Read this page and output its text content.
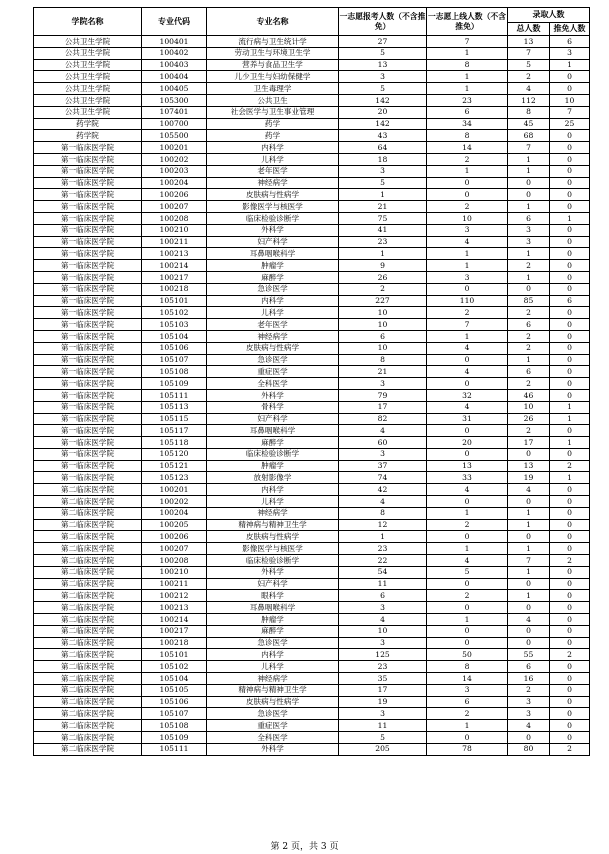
学院名称	专业代码	专业名称	一志愿报考人数（不含推免）	一志愿上线人数（不含推免）	录取人数	
					总人数	推免人数
公共卫生学院	100401	流行病与卫生统计学	27	7	13	6
公共卫生学院	100402	劳动卫生与环境卫生学	5	1	7	3
公共卫生学院	100403	营养与食品卫生学	13	8	5	1
公共卫生学院	100404	儿少卫生与妇幼保健学	3	1	2	0
公共卫生学院	100405	卫生毒理学	5	1	4	0
公共卫生学院	105300	公共卫生	142	23	112	10
公共卫生学院	107401	社会医学与卫生事业管理	20	6	8	7
药学院	100700	药学	142	34	45	25
药学院	105500	药学	43	8	68	0
第一临床医学院	100201	内科学	64	14	7	0
第一临床医学院	100202	儿科学	18	2	1	0
第一临床医学院	100203	老年医学	3	1	1	0
第一临床医学院	100204	神经病学	5	0	0	0
第一临床医学院	100206	皮肤病与性病学	1	0	0	0
第一临床医学院	100207	影像医学与核医学	21	2	1	0
第一临床医学院	100208	临床检验诊断学	75	10	6	1
第一临床医学院	100210	外科学	41	3	3	0
第一临床医学院	100211	妇产科学	23	4	3	0
第一临床医学院	100213	耳鼻咽喉科学	1	1	1	0
第一临床医学院	100214	肿瘤学	9	1	2	0
第一临床医学院	100217	麻醉学	26	3	1	0
第一临床医学院	100218	急诊医学	2	0	0	0
第一临床医学院	105101	内科学	227	110	85	6
第一临床医学院	105102	儿科学	10	2	2	0
第一临床医学院	105103	老年医学	10	7	6	0
第一临床医学院	105104	神经病学	6	1	2	0
第一临床医学院	105106	皮肤病与性病学	10	4	2	0
第一临床医学院	105107	急诊医学	8	0	1	0
第一临床医学院	105108	重症医学	21	4	6	0
第一临床医学院	105109	全科医学	3	0	2	0
第一临床医学院	105111	外科学	79	32	46	0
第一临床医学院	105113	骨科学	17	4	10	1
第一临床医学院	105115	妇产科学	82	31	26	1
第一临床医学院	105117	耳鼻咽喉科学	4	0	2	0
第一临床医学院	105118	麻醉学	60	20	17	1
第一临床医学院	105120	临床检验诊断学	3	0	0	0
第一临床医学院	105121	肿瘤学	37	13	13	2
第一临床医学院	105123	放射影像学	74	33	19	1
第二临床医学院	100201	内科学	42	4	4	0
第二临床医学院	100202	儿科学	4	0	0	0
第二临床医学院	100204	神经病学	8	1	1	0
第二临床医学院	100205	精神病与精神卫生学	12	2	1	0
第二临床医学院	100206	皮肤病与性病学	1	0	0	0
第二临床医学院	100207	影像医学与核医学	23	1	1	0
第二临床医学院	100208	临床检验诊断学	22	4	7	2
第二临床医学院	100210	外科学	54	5	1	0
第二临床医学院	100211	妇产科学	11	0	0	0
第二临床医学院	100212	眼科学	6	2	1	0
第二临床医学院	100213	耳鼻咽喉科学	3	0	0	0
第二临床医学院	100214	肿瘤学	4	1	4	0
第二临床医学院	100217	麻醉学	10	0	0	0
第二临床医学院	100218	急诊医学	3	0	0	0
第二临床医学院	105101	内科学	125	50	55	2
第二临床医学院	105102	儿科学	23	8	6	0
第二临床医学院	105104	神经病学	35	14	16	0
第二临床医学院	105105	精神病与精神卫生学	17	3	2	0
第二临床医学院	105106	皮肤病与性病学	19	6	3	0
第二临床医学院	105107	急诊医学	3	2	3	0
第二临床医学院	105108	重症医学	11	1	4	0
第二临床医学院	105109	全科医学	5	0	0	0
第二临床医学院	105111	外科学	205	78	80	2
第 2 页，共 3 页
